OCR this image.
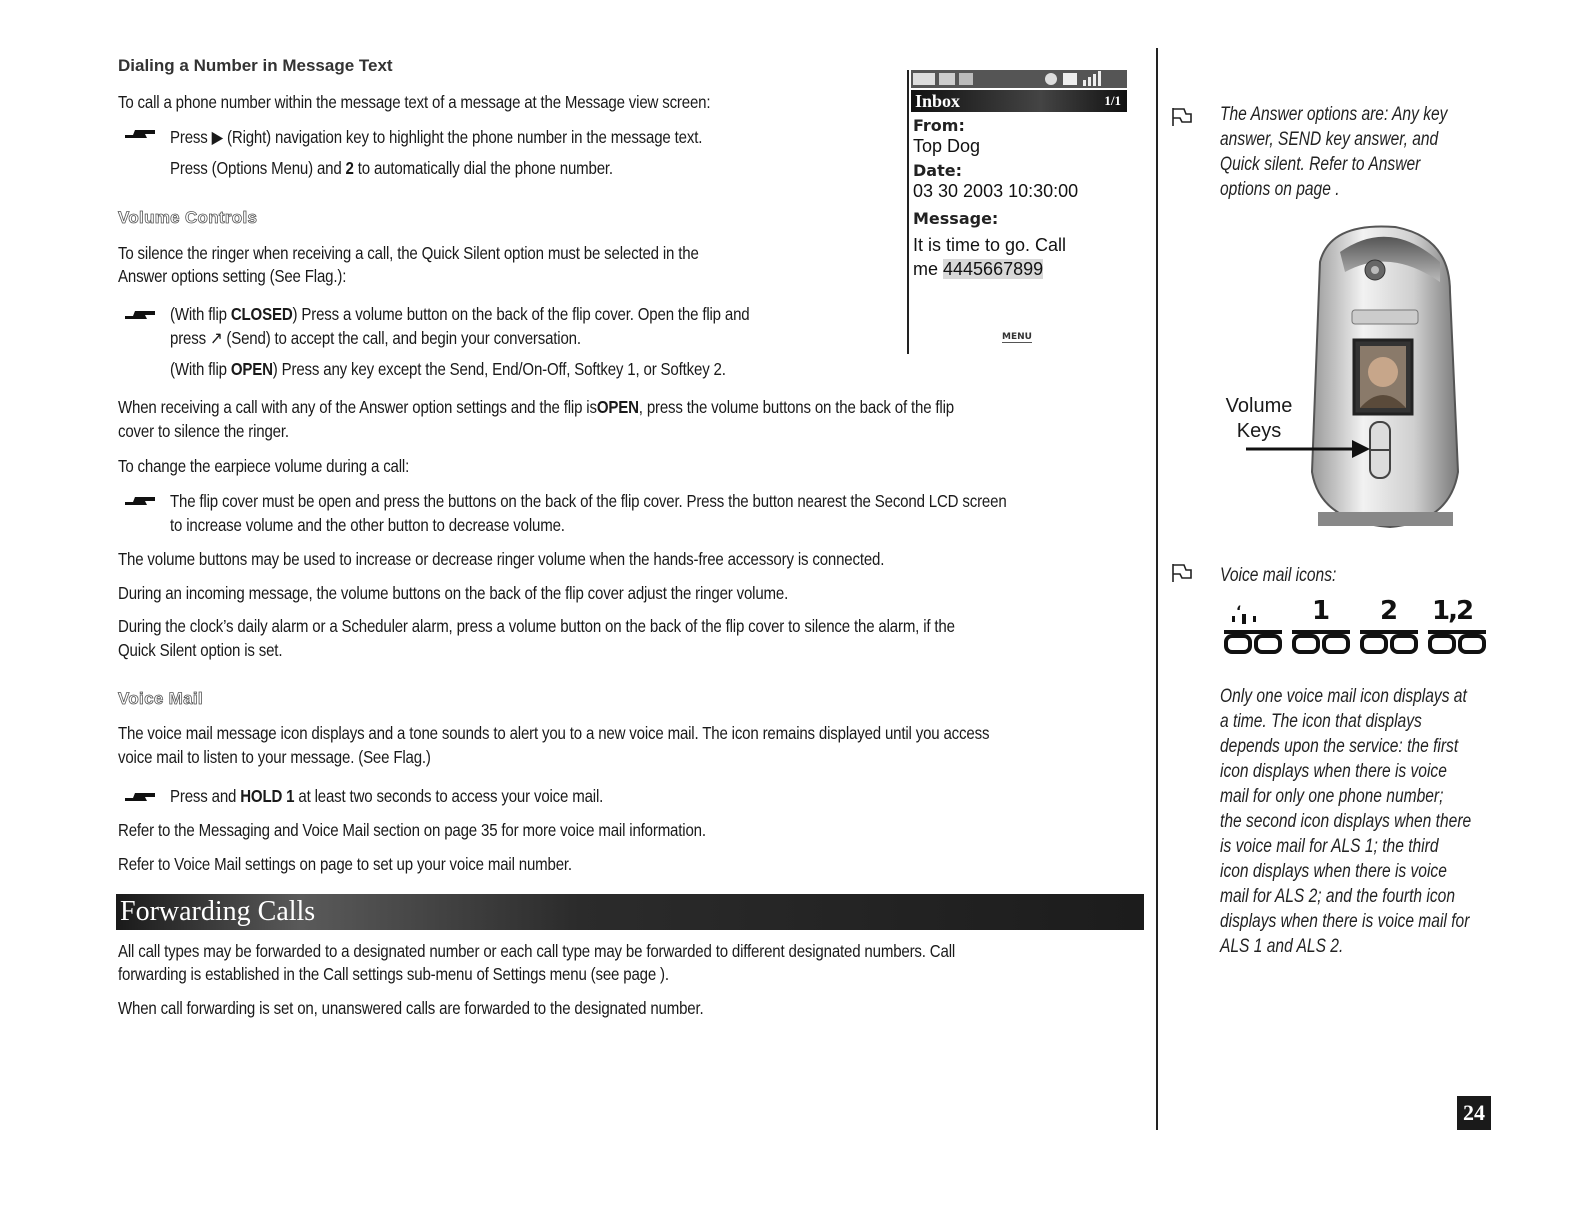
Dialing a Number in Message Text
To call a phone number within the message text of a message at the Message view screen:
Press ▶ (Right) navigation key to highlight the phone number in the message text.
Press (Options Menu) and 2 to automatically dial the phone number.
Volume Controls
To silence the ringer when receiving a call, the Quick Silent option must be selected in the
Answer options setting (See Flag.):
(With flip CLOSED) Press a volume button on the back of the flip cover. Open the flip and
press ↗ (Send) to accept the call, and begin your conversation.
(With flip OPEN) Press any key except the Send, End/On-Off, Softkey 1, or Softkey 2.
When receiving a call with any of the Answer option settings and the flip isOPEN, press the volume buttons on the back of the flip
cover to silence the ringer.
To change the earpiece volume during a call:
The flip cover must be open and press the buttons on the back of the flip cover. Press the button nearest the Second LCD screen
to increase volume and the other button to decrease volume.
The volume buttons may be used to increase or decrease ringer volume when the hands-free accessory is connected.
During an incoming message, the volume buttons on the back of the flip cover adjust the ringer volume.
During the clock’s daily alarm or a Scheduler alarm, press a volume button on the back of the flip cover to silence the alarm, if the
Quick Silent option is set.
Voice Mail
The voice mail message icon displays and a tone sounds to alert you to a new voice mail. The icon remains displayed until you access
voice mail to listen to your message. (See Flag.)
Press and HOLD 1 at least two seconds to access your voice mail.
Refer to the Messaging and Voice Mail section on page 35 for more voice mail information.
Refer to Voice Mail settings on page to set up your voice mail number.
Forwarding Calls
All call types may be forwarded to a designated number or each call type may be forwarded to different designated numbers. Call
forwarding is established in the Call settings sub-menu of Settings menu (see page ).
When call forwarding is set on, unanswered calls are forwarded to the designated number.
Inbox	1/1
From:
Top Dog
Date:
03 30 2003 10:30:00
Message:
It is time to go. Call
me 4445667899
MENU
The Answer options are: Any key
answer, SEND key answer, and
Quick silent. Refer to Answer
options on page .
Volume
Keys
Voice mail icons:
‘ 	1 2 1,2
Only one voice mail icon displays at
a time. The icon that displays
depends upon the service: the first
icon displays when there is voice
mail for only one phone number;
the second icon displays when there
is voice mail for ALS 1; the third
icon displays when there is voice
mail for ALS 2; and the fourth icon
displays when there is voice mail for
ALS 1 and ALS 2.
24
